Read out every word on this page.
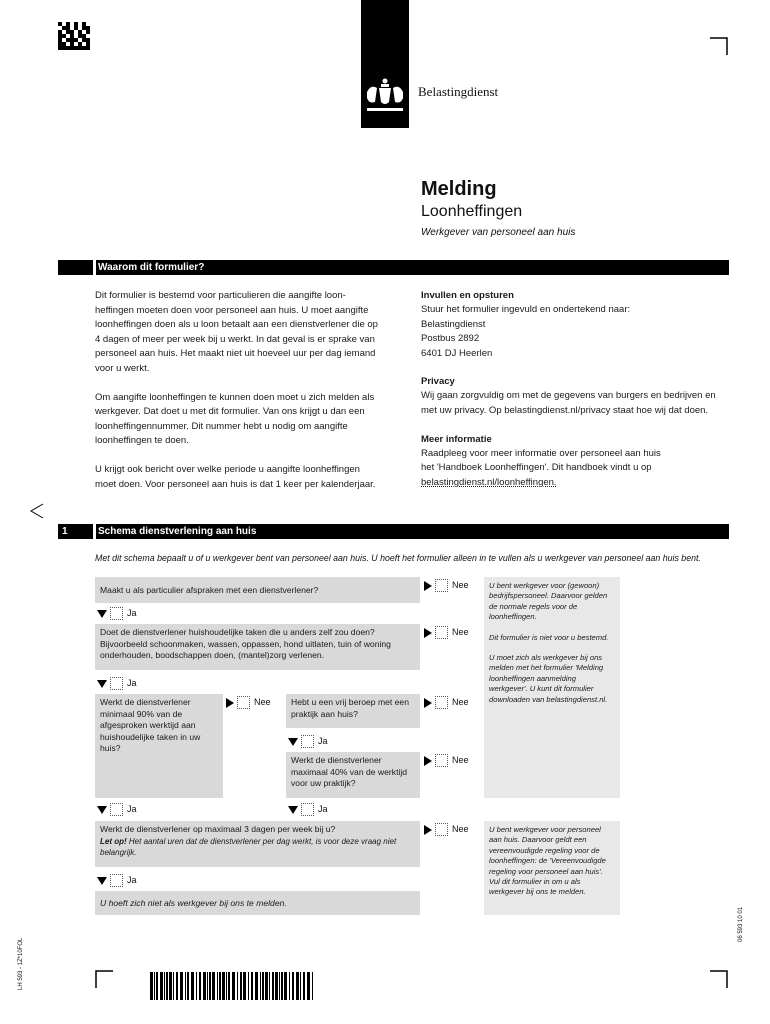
Belastingdienst
Melding
Loonheffingen
Werkgever van personeel aan huis
Waarom dit formulier?
Dit formulier is bestemd voor particulieren die aangifte loon-
heffingen moeten doen voor personeel aan huis. U moet aangifte
loonheffingen doen als u loon betaalt aan een dienstverlener die op
4 dagen of meer per week bij u werkt. In dat geval is er sprake van
personeel aan huis. Het maakt niet uit hoeveel uur per dag iemand
voor u werkt.
Om aangifte loonheffingen te kunnen doen moet u zich melden als
werkgever. Dat doet u met dit formulier. Van ons krijgt u dan een
loonheffingennummer. Dit nummer hebt u nodig om aangifte
loonheffingen te doen.
U krijgt ook bericht over welke periode u aangifte loonheffingen
moet doen. Voor personeel aan huis is dat 1 keer per kalenderjaar.
Invullen en opsturen
Stuur het formulier ingevuld en ondertekend naar:
Belastingdienst
Postbus 2892
6401 DJ Heerlen
Privacy
Wij gaan zorgvuldig om met de gegevens van burgers en bedrijven en
met uw privacy. Op belastingdienst.nl/privacy staat hoe wij dat doen.
Meer informatie
Raadpleeg voor meer informatie over personeel aan huis
het 'Handboek Loonheffingen'. Dit handboek vindt u op
belastingdienst.nl/loonheffingen.
1	Schema dienstverlening aan huis
Met dit schema bepaalt u of u werkgever bent van personeel aan huis. U hoeft het formulier alleen in te vullen als u werkgever van personeel aan huis bent.
Maakt u als particulier afspraken met een dienstverlener?	Nee
Ja
Doet de dienstverlener huishoudelijke taken die u anders zelf zou doen?
Bijvoorbeeld schoonmaken, wassen, oppassen, hond uitlaten, tuin of woning onderhouden, boodschappen doen, (mantel)zorg verlenen.
Nee
Ja
Werkt de dienstverlener minimaal 90% van de afgesproken werktijd aan huishoudelijke taken in uw huis?
Nee
Ja
Hebt u een vrij beroep met een praktijk aan huis?
Nee
Ja
Werkt de dienstverlener maximaal 40% van de werktijd voor uw praktijk?
Nee
Ja
Werkt de dienstverlener op maximaal 3 dagen per week bij u?
Let op! Het aantal uren dat de dienstverlener per dag werkt, is voor deze vraag niet belangrijk.
Nee
Ja
U hoeft zich niet als werkgever bij ons te melden.
U bent werkgever voor (gewoon) bedrijfspersoneel. Daarvoor gelden de normale regels voor de loonheffingen.
Dit formulier is niet voor u bestemd.
U moet zich als werkgever bij ons melden met het formulier 'Melding loonheffingen aanmelding werkgever'. U kunt dit formulier downloaden van belastingdienst.nl.
U bent werkgever voor personeel aan huis. Daarvoor geldt een vereenvoudigde regeling voor de loonheffingen: de 'Vereenvoudigde regeling voor personeel aan huis'. Vul dit formulier in om u als werkgever bij ons te melden.
LH 593 - 1Z*10FOL
06 593 10 01
